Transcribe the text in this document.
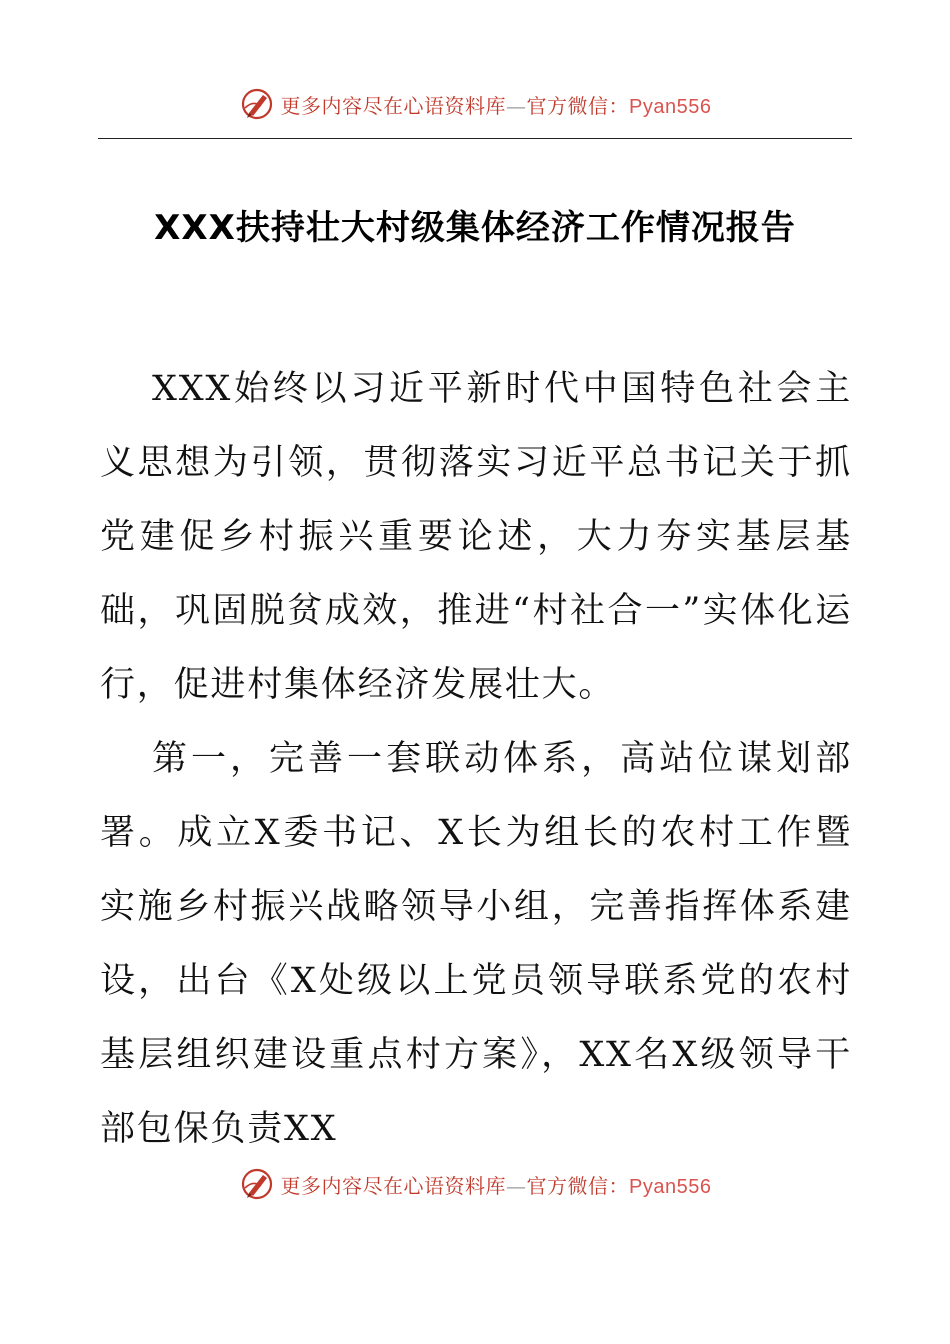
更多内容尽在心语资料库—官方微信：Pyan556
XXX扶持壮大村级集体经济工作情况报告

XXX始终以习近平新时代中国特色社会主义思想为引领，贯彻落实习近平总书记关于抓党建促乡村振兴重要论述，大力夯实基层基础，巩固脱贫成效，推进“村社合一”实体化运行，促进村集体经济发展壮大。

第一，完善一套联动体系，高站位谋划部署。成立X委书记、X长为组长的农村工作暨实施乡村振兴战略领导小组，完善指挥体系建设，出台《X处级以上党员领导联系党的农村基层组织建设重点村方案》，XX名X级领导干部包保负责XX

更多内容尽在心语资料库—官方微信：Pyan556
